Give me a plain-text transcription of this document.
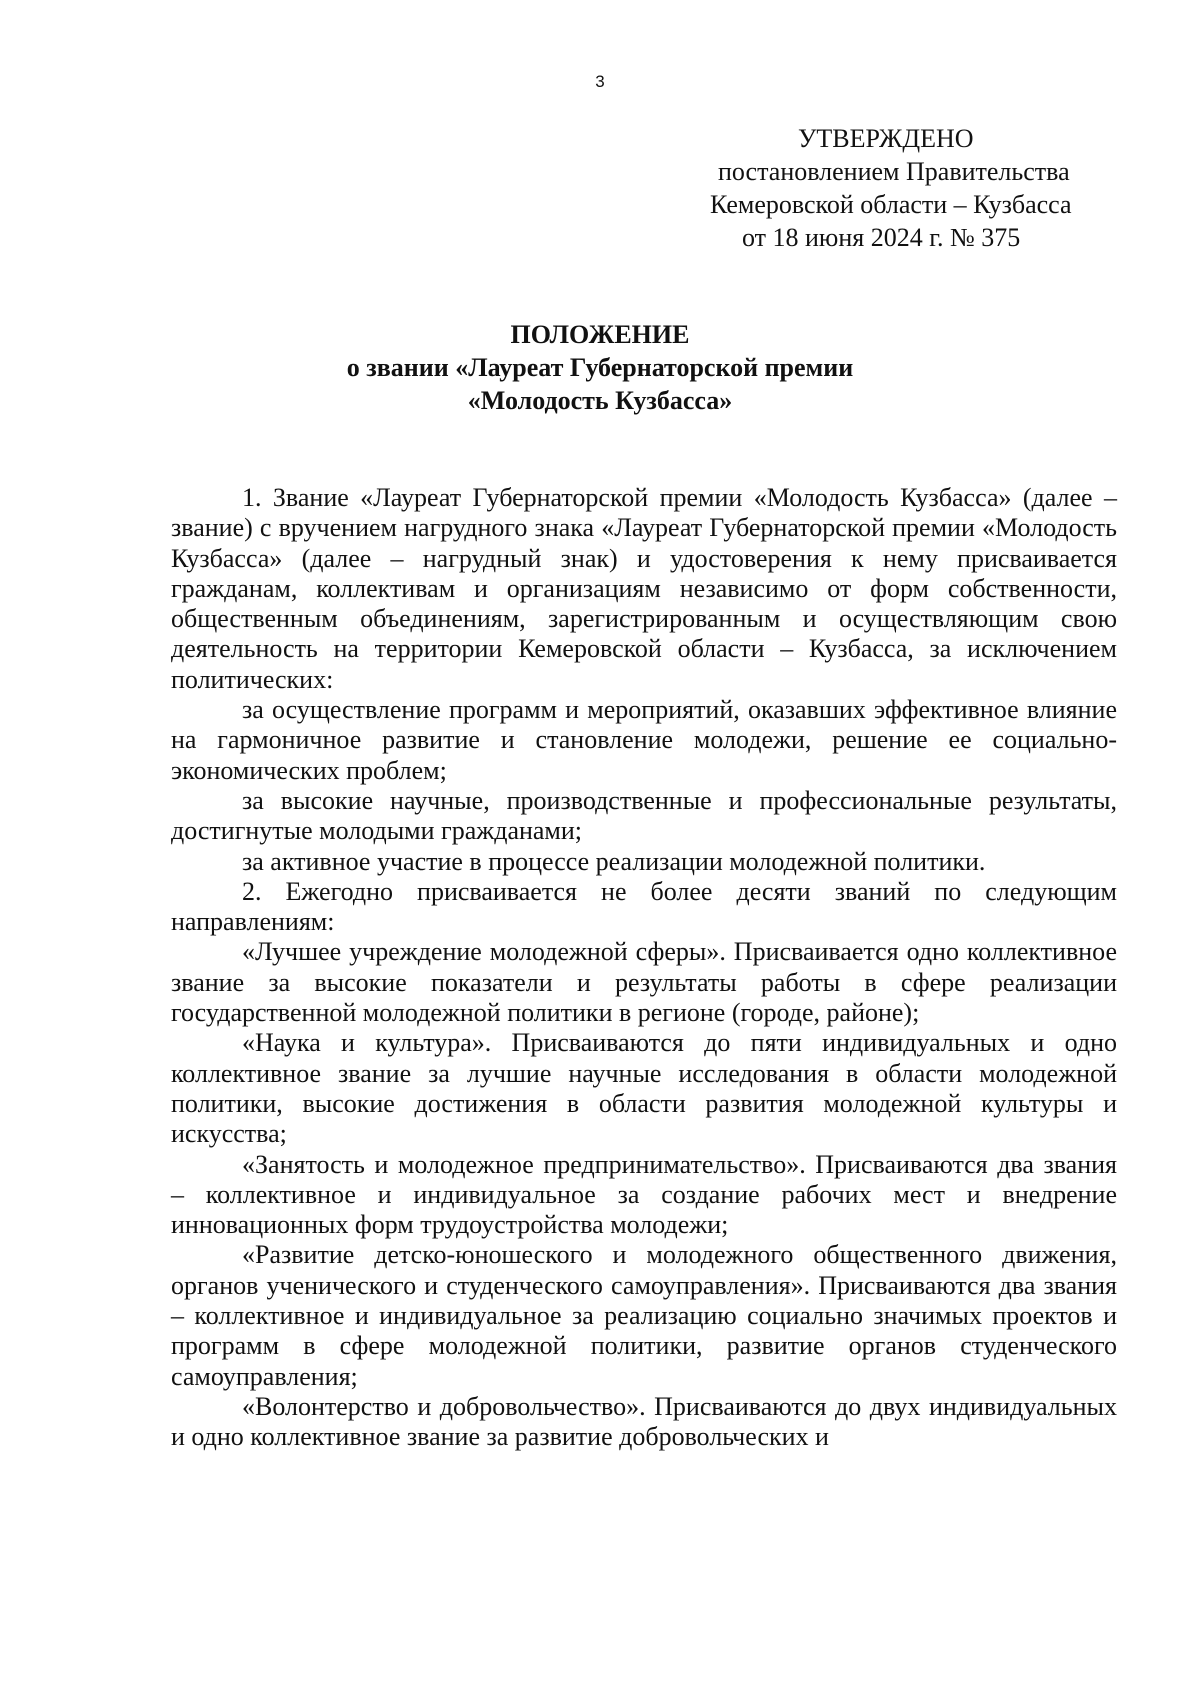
3
УТВЕРЖДЕНО
постановлением Правительства
Кемеровской области – Кузбасса
от 18 июня 2024 г. № 375
ПОЛОЖЕНИЕ
о звании «Лауреат Губернаторской премии
«Молодость Кузбасса»

1. Звание «Лауреат Губернаторской премии «Молодость Кузбасса» (далее – звание) с вручением нагрудного знака «Лауреат Губернаторской премии «Молодость Кузбасса» (далее – нагрудный знак) и удостоверения к нему присваивается гражданам, коллективам и организациям независимо от форм собственности, общественным объединениям, зарегистрированным и осуществляющим свою деятельность на территории Кемеровской области – Кузбасса, за исключением политических:

за осуществление программ и мероприятий, оказавших эффективное влияние на гармоничное развитие и становление молодежи, решение ее социально-экономических проблем;

за высокие научные, производственные и профессиональные результаты, достигнутые молодыми гражданами;

за активное участие в процессе реализации молодежной политики.

2. Ежегодно присваивается не более десяти званий по следующим направлениям:

«Лучшее учреждение молодежной сферы». Присваивается одно коллективное звание за высокие показатели и результаты работы в сфере реализации государственной молодежной политики в регионе (городе, районе);

«Наука и культура». Присваиваются до пяти индивидуальных и одно коллективное звание за лучшие научные исследования в области молодежной политики, высокие достижения в области развития молодежной культуры и искусства;

«Занятость и молодежное предпринимательство». Присваиваются два звания – коллективное и индивидуальное за создание рабочих мест и внедрение инновационных форм трудоустройства молодежи;

«Развитие детско-юношеского и молодежного общественного движения, органов ученического и студенческого самоуправления». Присваиваются два звания – коллективное и индивидуальное за реализацию социально значимых проектов и программ в сфере молодежной политики, развитие органов студенческого самоуправления;

«Волонтерство и добровольчество». Присваиваются до двух индивидуальных и одно коллективное звание за развитие добровольческих и
